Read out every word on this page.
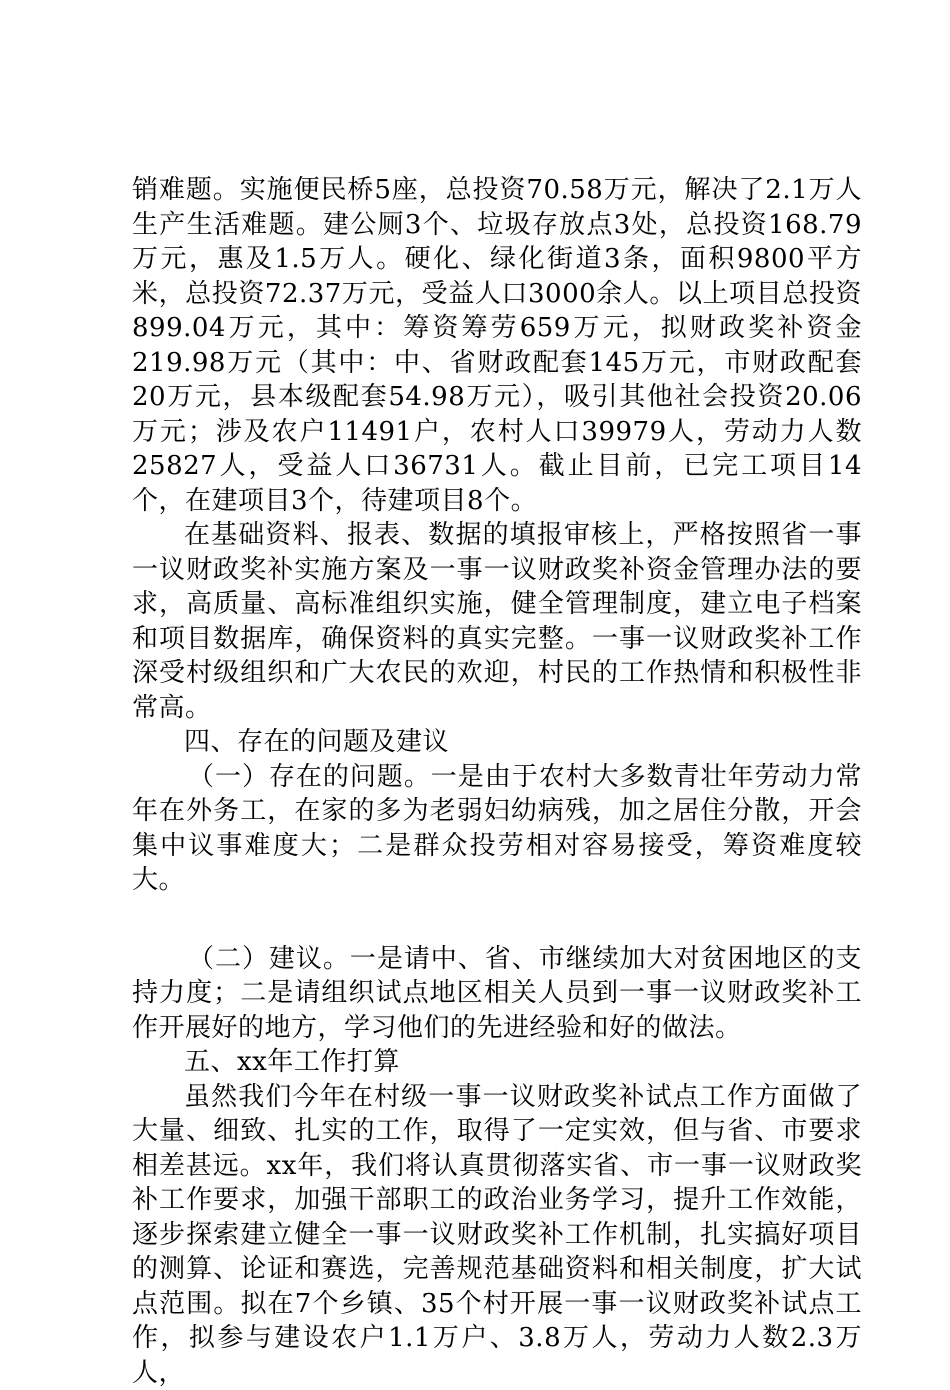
销难题。实施便民桥5座，总投资70.58万元，解决了2.1万人生产生活难题。建公厕3个、垃圾存放点3处，总投资168.79万元，惠及1.5万人。硬化、绿化街道3条，面积9800平方米，总投资72.37万元，受益人口3000余人。以上项目总投资899.04万元，其中：筹资筹劳659万元，拟财政奖补资金219.98万元（其中：中、省财政配套145万元，市财政配套20万元，县本级配套54.98万元），吸引其他社会投资20.06万元；涉及农户11491户，农村人口39979人，劳动力人数25827人，受益人口36731人。截止目前，已完工项目14个，在建项目3个，待建项目8个。

在基础资料、报表、数据的填报审核上，严格按照省一事一议财政奖补实施方案及一事一议财政奖补资金管理办法的要求，高质量、高标准组织实施，健全管理制度，建立电子档案和项目数据库，确保资料的真实完整。一事一议财政奖补工作深受村级组织和广大农民的欢迎，村民的工作热情和积极性非常高。

四、存在的问题及建议

（一）存在的问题。一是由于农村大多数青壮年劳动力常年在外务工，在家的多为老弱妇幼病残，加之居住分散，开会集中议事难度大；二是群众投劳相对容易接受，筹资难度较大。

（二）建议。一是请中、省、市继续加大对贫困地区的支持力度；二是请组织试点地区相关人员到一事一议财政奖补工作开展好的地方，学习他们的先进经验和好的做法。

五、xx年工作打算

虽然我们今年在村级一事一议财政奖补试点工作方面做了大量、细致、扎实的工作，取得了一定实效，但与省、市要求相差甚远。xx年，我们将认真贯彻落实省、市一事一议财政奖补工作要求，加强干部职工的政治业务学习，提升工作效能，逐步探索建立健全一事一议财政奖补工作机制，扎实搞好项目的测算、论证和赛选，完善规范基础资料和相关制度，扩大试点范围。拟在7个乡镇、35个村开展一事一议财政奖补试点工作，拟参与建设农户1.1万户、3.8万人，劳动力人数2.3万人，
